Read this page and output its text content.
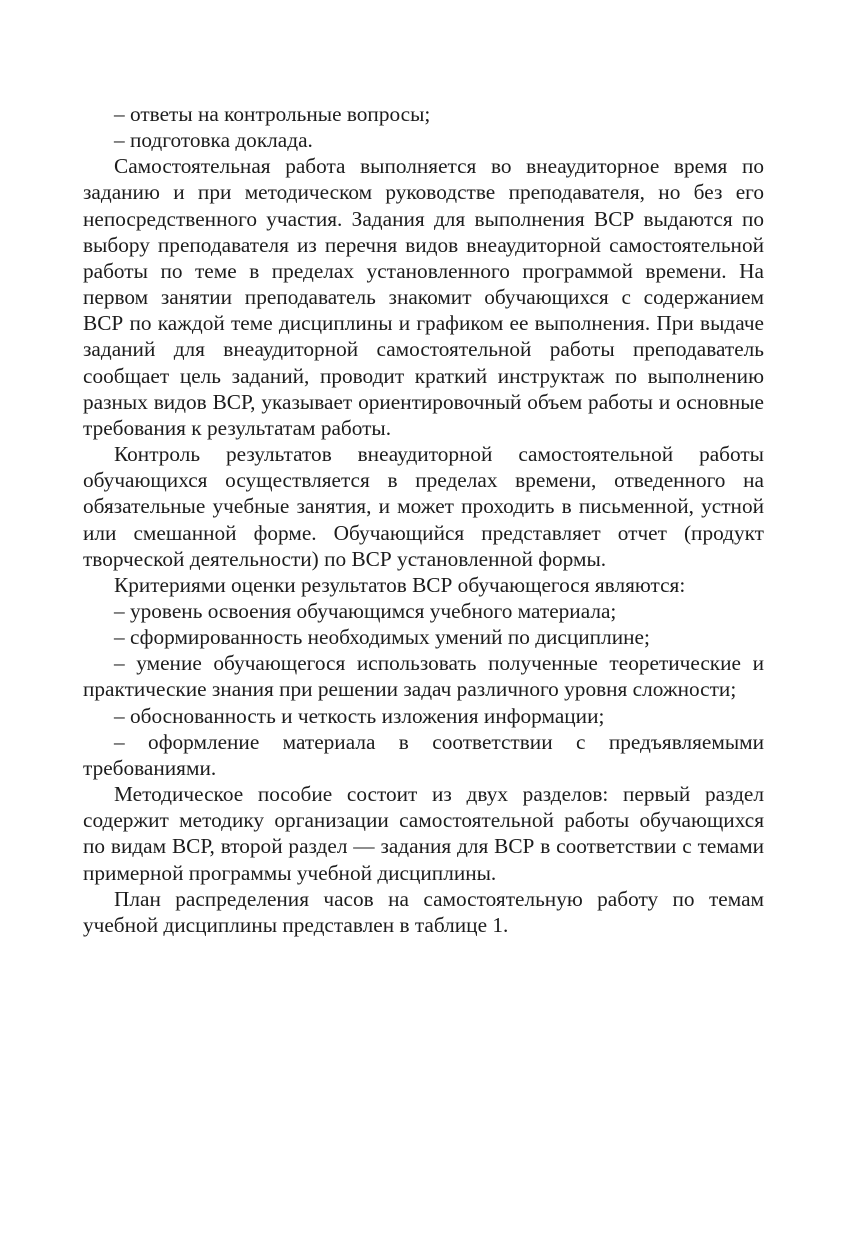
– ответы на контрольные вопросы;

– подготовка доклада.

Самостоятельная работа выполняется во внеаудиторное время по заданию и при методическом руководстве преподавателя, но без его непосредственного участия. Задания для выполнения ВСР выдаются по выбору преподавателя из перечня видов внеаудиторной самостоятельной работы по теме в пределах установленного программой времени. На первом занятии преподаватель знакомит обучающихся с содержанием ВСР по каждой теме дисциплины и графиком ее выполнения. При выдаче заданий для внеаудиторной самостоятельной работы преподаватель сообщает цель заданий, проводит краткий инструктаж по выполнению разных видов ВСР, указывает ориентировочный объем работы и основные требования к результатам работы.

Контроль результатов внеаудиторной самостоятельной работы обучающихся осуществляется в пределах времени, отведенного на обязательные учебные занятия, и может проходить в письменной, устной или смешанной форме. Обучающийся представляет отчет (продукт творческой деятельности) по ВСР установленной формы.

Критериями оценки результатов ВСР обучающегося являются:

– уровень освоения обучающимся учебного материала;

– сформированность необходимых умений по дисциплине;

– умение обучающегося использовать полученные теоретические и практические знания при решении задач различного уровня сложности;

– обоснованность и четкость изложения информации;

– оформление материала в соответствии с предъявляемыми требованиями.

Методическое пособие состоит из двух разделов: первый раздел содержит методику организации самостоятельной работы обучающихся по видам ВСР, второй раздел — задания для ВСР в соответствии с темами примерной программы учебной дисциплины.

План распределения часов на самостоятельную работу по темам учебной дисциплины представлен в таблице 1.
